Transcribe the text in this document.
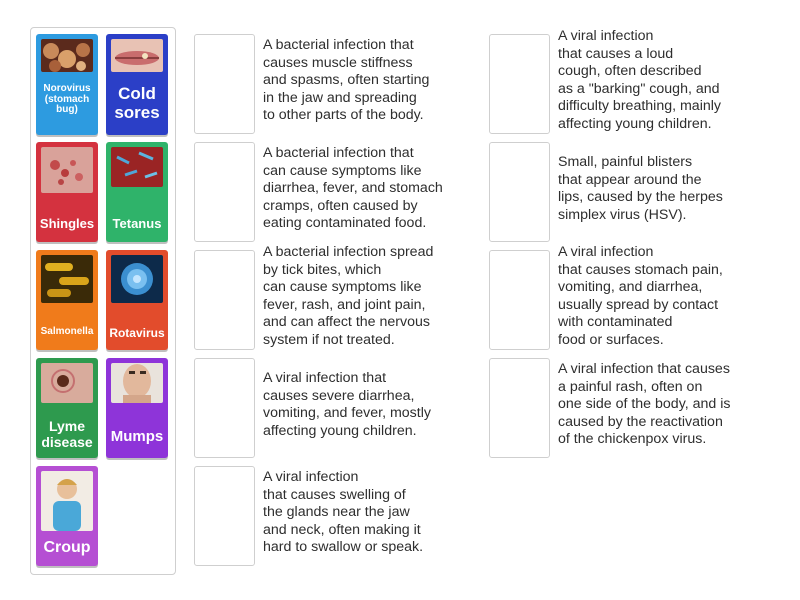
Norovirus (stomach bug)
Cold sores
Shingles	Tetanus
Salmonella	Rotavirus
Lyme disease	Mumps
Croup
A bacterial infection that
causes muscle stiffness
and spasms, often starting
in the jaw and spreading
to other parts of the body.
A bacterial infection that
can cause symptoms like
diarrhea, fever, and stomach
cramps, often caused by
eating contaminated food.
A bacterial infection spread
by tick bites, which
can cause symptoms like
fever, rash, and joint pain,
and can affect the nervous
system if not treated.
A viral infection that
causes severe diarrhea,
vomiting, and fever, mostly
affecting young children.
A viral infection
that causes swelling of
the glands near the jaw
and neck, often making it
hard to swallow or speak.
A viral infection
that causes a loud
cough, often described
as a "barking" cough, and
difficulty breathing, mainly
affecting young children.
Small, painful blisters
that appear around the
lips, caused by the herpes
simplex virus (HSV).
A viral infection
that causes stomach pain,
vomiting, and diarrhea,
usually spread by contact
with contaminated
food or surfaces.
A viral infection that causes
a painful rash, often on
one side of the body, and is
caused by the reactivation
of the chickenpox virus.
